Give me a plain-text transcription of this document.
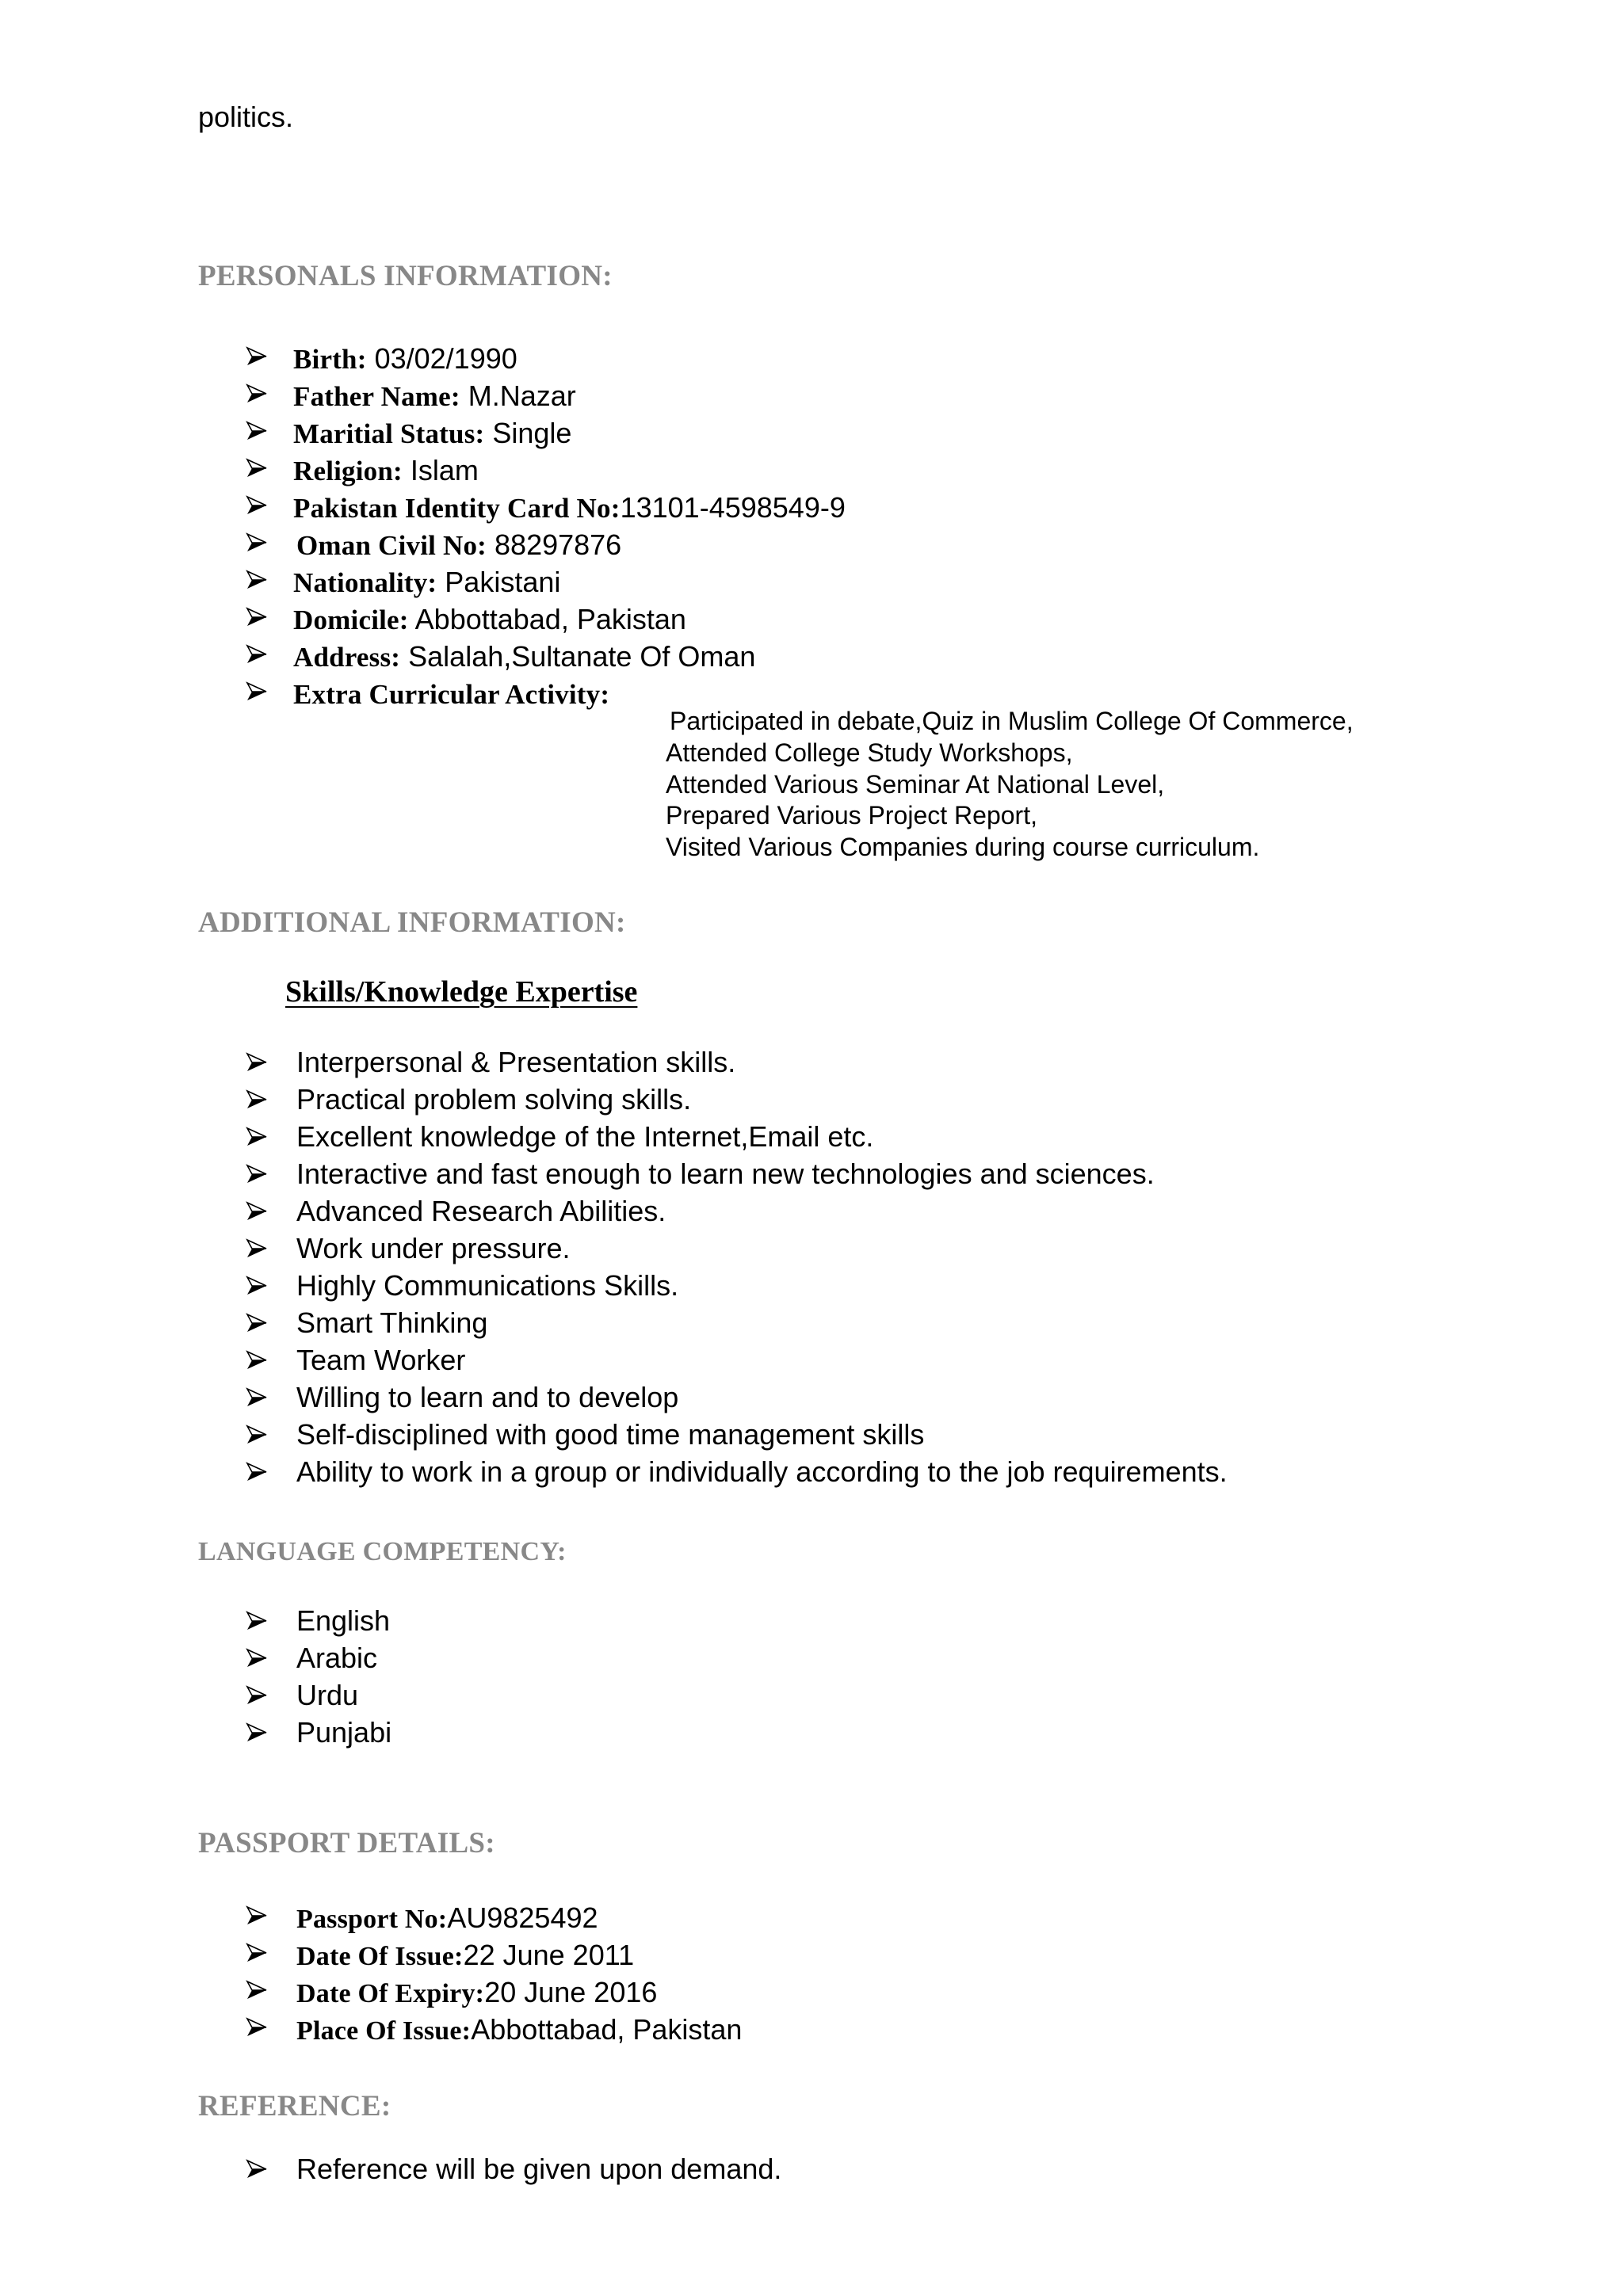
politics.
PERSONALS INFORMATION:
Birth: 03/02/1990
Father Name: M.Nazar
Maritial Status: Single
Religion: Islam
Pakistan Identity Card No:13101-4598549-9
Oman Civil No: 88297876
Nationality: Pakistani
Domicile: Abbottabad, Pakistan
Address: Salalah,Sultanate Of Oman
Extra Curricular Activity:
Participated in debate,Quiz in Muslim College Of Commerce,
Attended College Study Workshops,
Attended Various Seminar At National Level,
Prepared Various Project Report,
Visited Various Companies during course curriculum.
ADDITIONAL INFORMATION:
Skills/Knowledge Expertise
Interpersonal & Presentation skills.
Practical problem solving skills.
Excellent knowledge of the Internet,Email etc.
Interactive and fast enough to learn new technologies and sciences.
Advanced Research Abilities.
Work under pressure.
Highly Communications Skills.
Smart Thinking
Team Worker
Willing to learn and to develop
Self-disciplined with good time management skills
Ability to work in a group or individually according to the job requirements.
LANGUAGE COMPETENCY:
English
Arabic
Urdu
Punjabi
PASSPORT DETAILS:
Passport No:AU9825492
Date Of Issue:22 June 2011
Date Of Expiry:20 June 2016
Place Of Issue:Abbottabad, Pakistan
REFERENCE:
Reference will be given upon demand.
